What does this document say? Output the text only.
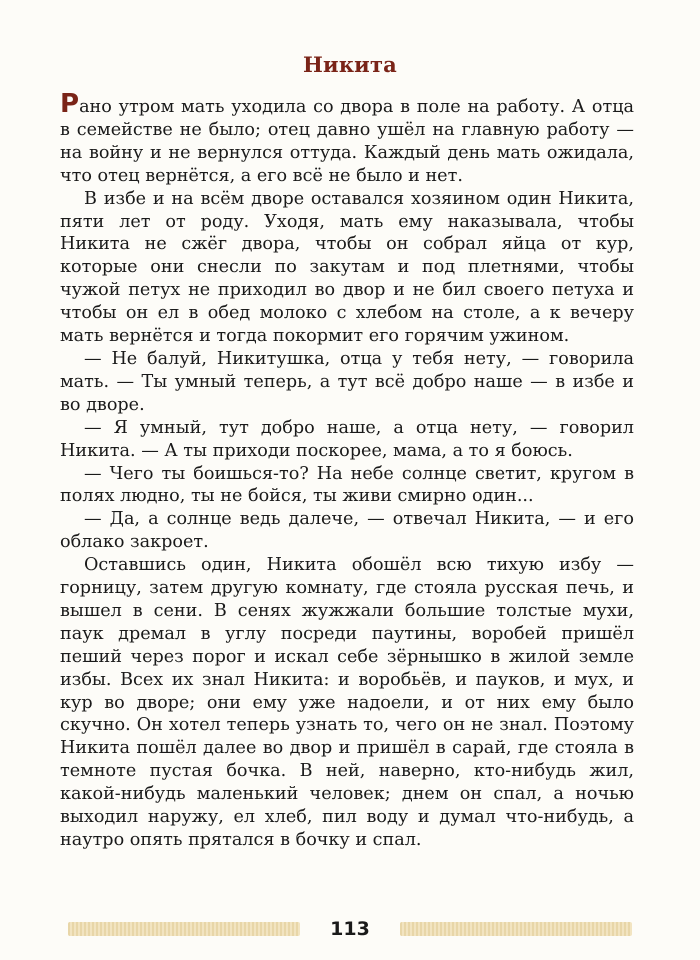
Никита

Рано утром мать уходила со двора в поле на работу. А отца в семействе не было; отец давно ушёл на главную работу — на войну и не вернулся оттуда. Каждый день мать ожидала, что отец вернётся, а его всё не было и нет.

В избе и на всём дворе оставался хозяином один Никита, пяти лет от роду. Уходя, мать ему наказывала, чтобы Никита не сжёг двора, чтобы он собрал яйца от кур, которые они снесли по закутам и под плетнями, чтобы чужой петух не приходил во двор и не бил своего петуха и чтобы он ел в обед молоко с хлебом на столе, а к вечеру мать вернётся и тогда покормит его горячим ужином.

— Не балуй, Никитушка, отца у тебя нету, — говорила мать. — Ты умный теперь, а тут всё добро наше — в избе и во дворе.

— Я умный, тут добро наше, а отца нету, — говорил Никита. — А ты приходи поскорее, мама, а то я боюсь.

— Чего ты боишься-то? На небе солнце светит, кругом в полях людно, ты не бойся, ты живи смирно один...

— Да, а солнце ведь далече, — отвечал Никита, — и его облако закроет.

Оставшись один, Никита обошёл всю тихую избу — горницу, затем другую комнату, где стояла русская печь, и вышел в сени. В сенях жужжали большие толстые мухи, паук дремал в углу посреди паутины, воробей пришёл пеший через порог и искал себе зёрнышко в жилой земле избы. Всех их знал Никита: и воробьёв, и пауков, и мух, и кур во дворе; они ему уже надоели, и от них ему было скучно. Он хотел теперь узнать то, чего он не знал. Поэтому Никита пошёл далее во двор и пришёл в сарай, где стояла в темноте пустая бочка. В ней, наверно, кто-нибудь жил, какой-нибудь маленький человек; днем он спал, а ночью выходил наружу, ел хлеб, пил воду и думал что-нибудь, а наутро опять прятался в бочку и спал.

113
